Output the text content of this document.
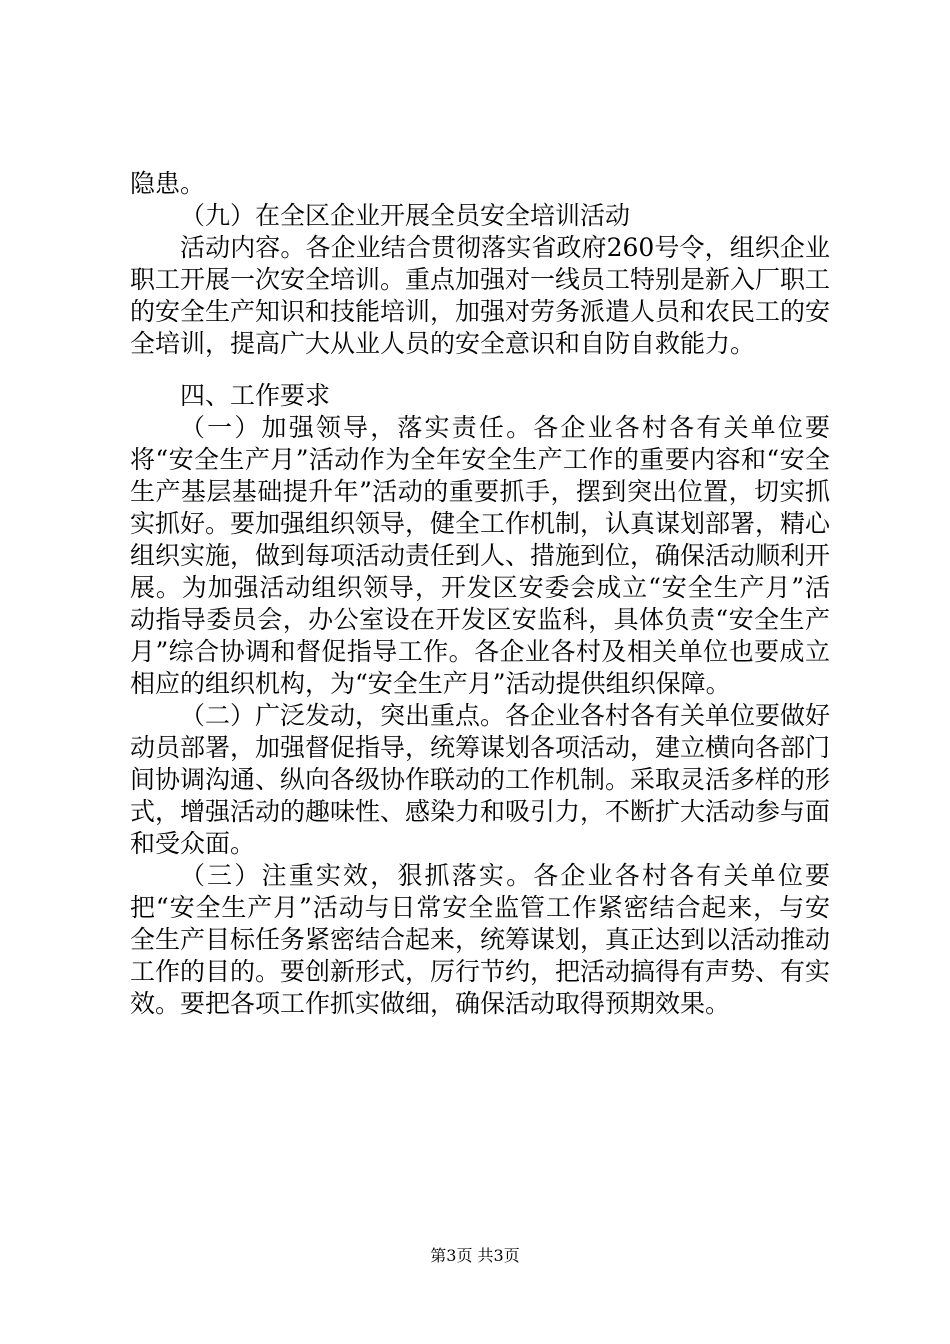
隐患。

（九）在全区企业开展全员安全培训活动

活动内容。各企业结合贯彻落实省政府260号令，组织企业职工开展一次安全培训。重点加强对一线员工特别是新入厂职工的安全生产知识和技能培训，加强对劳务派遣人员和农民工的安全培训，提高广大从业人员的安全意识和自防自救能力。

四、工作要求

（一）加强领导，落实责任。各企业各村各有关单位要将“安全生产月”活动作为全年安全生产工作的重要内容和“安全生产基层基础提升年”活动的重要抓手，摆到突出位置，切实抓实抓好。要加强组织领导，健全工作机制，认真谋划部署，精心组织实施，做到每项活动责任到人、措施到位，确保活动顺利开展。为加强活动组织领导，开发区安委会成立“安全生产月”活动指导委员会，办公室设在开发区安监科，具体负责“安全生产月”综合协调和督促指导工作。各企业各村及相关单位也要成立相应的组织机构，为“安全生产月”活动提供组织保障。

（二）广泛发动，突出重点。各企业各村各有关单位要做好动员部署，加强督促指导，统筹谋划各项活动，建立横向各部门间协调沟通、纵向各级协作联动的工作机制。采取灵活多样的形式，增强活动的趣味性、感染力和吸引力，不断扩大活动参与面和受众面。

（三）注重实效，狠抓落实。各企业各村各有关单位要把“安全生产月”活动与日常安全监管工作紧密结合起来，与安全生产目标任务紧密结合起来，统筹谋划，真正达到以活动推动工作的目的。要创新形式，厉行节约，把活动搞得有声势、有实效。要把各项工作抓实做细，确保活动取得预期效果。

第3页 共3页
